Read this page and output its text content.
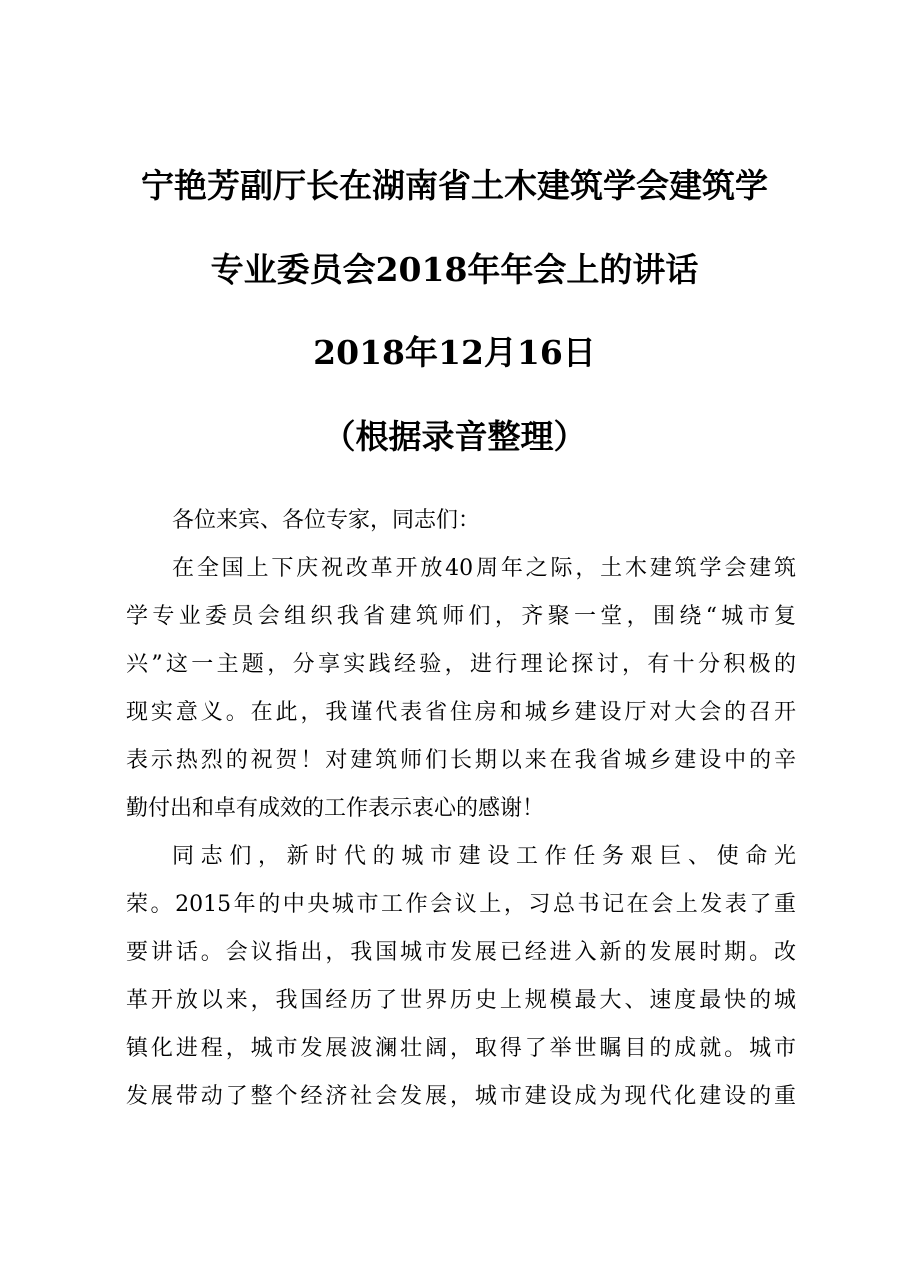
宁艳芳副厅长在湖南省土木建筑学会建筑学
专业委员会2018年年会上的讲话
2018年12月16日
（根据录音整理）
各位来宾、各位专家，同志们：
在全国上下庆祝改革开放40周年之际，土木建筑学会建筑
学专业委员会组织我省建筑师们，齐聚一堂，围绕“城市复
兴”这一主题，分享实践经验，进行理论探讨，有十分积极的
现实意义。在此，我谨代表省住房和城乡建设厅对大会的召开
表示热烈的祝贺！对建筑师们长期以来在我省城乡建设中的辛
勤付出和卓有成效的工作表示衷心的感谢！
同志们，新时代的城市建设工作任务艰巨、使命光
荣。2015年的中央城市工作会议上，习总书记在会上发表了重
要讲话。会议指出，我国城市发展已经进入新的发展时期。改
革开放以来，我国经历了世界历史上规模最大、速度最快的城
镇化进程，城市发展波澜壮阔，取得了举世瞩目的成就。城市
发展带动了整个经济社会发展，城市建设成为现代化建设的重
